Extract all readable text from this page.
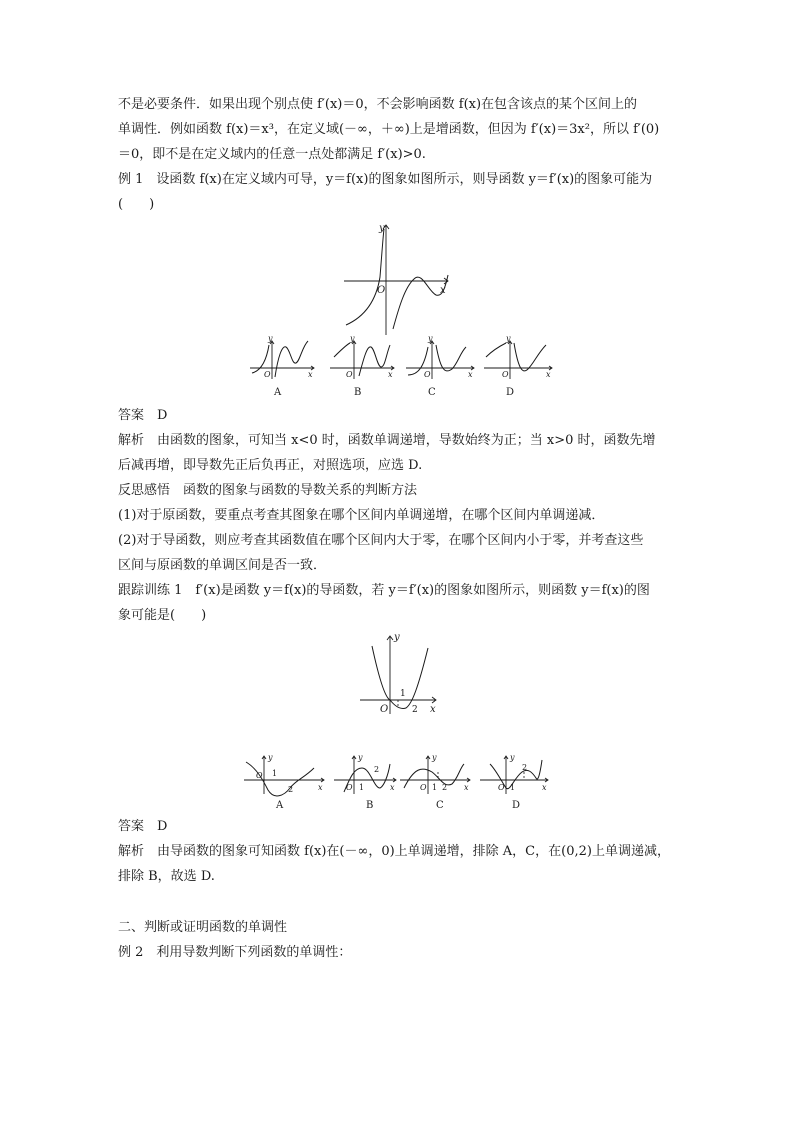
不是必要条件．如果出现个别点使 f′(x)＝0，不会影响函数 f(x)在包含该点的某个区间上的

单调性．例如函数 f(x)＝x³，在定义域(－∞，＋∞)上是增函数，但因为 f′(x)＝3x²，所以 f′(0)

＝0，即不是在定义域内的任意一点处都满足 f′(x)>0.

例 1　设函数 f(x)在定义域内可导，y＝f(x)的图象如图所示，则导函数 y＝f′(x)的图象可能为

(　　)

y
x
O
y
x
O
A
y
x
O
B
y
x
O
C
y
x
O
D

答案　D

解析　由函数的图象，可知当 x<0 时，函数单调递增，导数始终为正；当 x>0 时，函数先增

后减再增，即导数先正后负再正，对照选项，应选 D.

反思感悟　函数的图象与函数的导数关系的判断方法

(1)对于原函数，要重点考查其图象在哪个区间内单调递增，在哪个区间内单调递减．

(2)对于导函数，则应考查其函数值在哪个区间内大于零，在哪个区间内小于零，并考查这些

区间与原函数的单调区间是否一致．

跟踪训练 1　f′(x)是函数 y＝f(x)的导函数，若 y＝f′(x)的图象如图所示，则函数 y＝f(x)的图

象可能是(　　)

y
x
O
1
2
y
x
O 1
2
A
y
x
O 1
2
B
y
x
O 1 2
C
y
x
O 1
2
D

答案　D

解析　由导函数的图象可知函数 f(x)在(－∞，0)上单调递增，排除 A，C，在(0,2)上单调递减，

排除 B，故选 D.

二、判断或证明函数的单调性

例 2　利用导数判断下列函数的单调性：
